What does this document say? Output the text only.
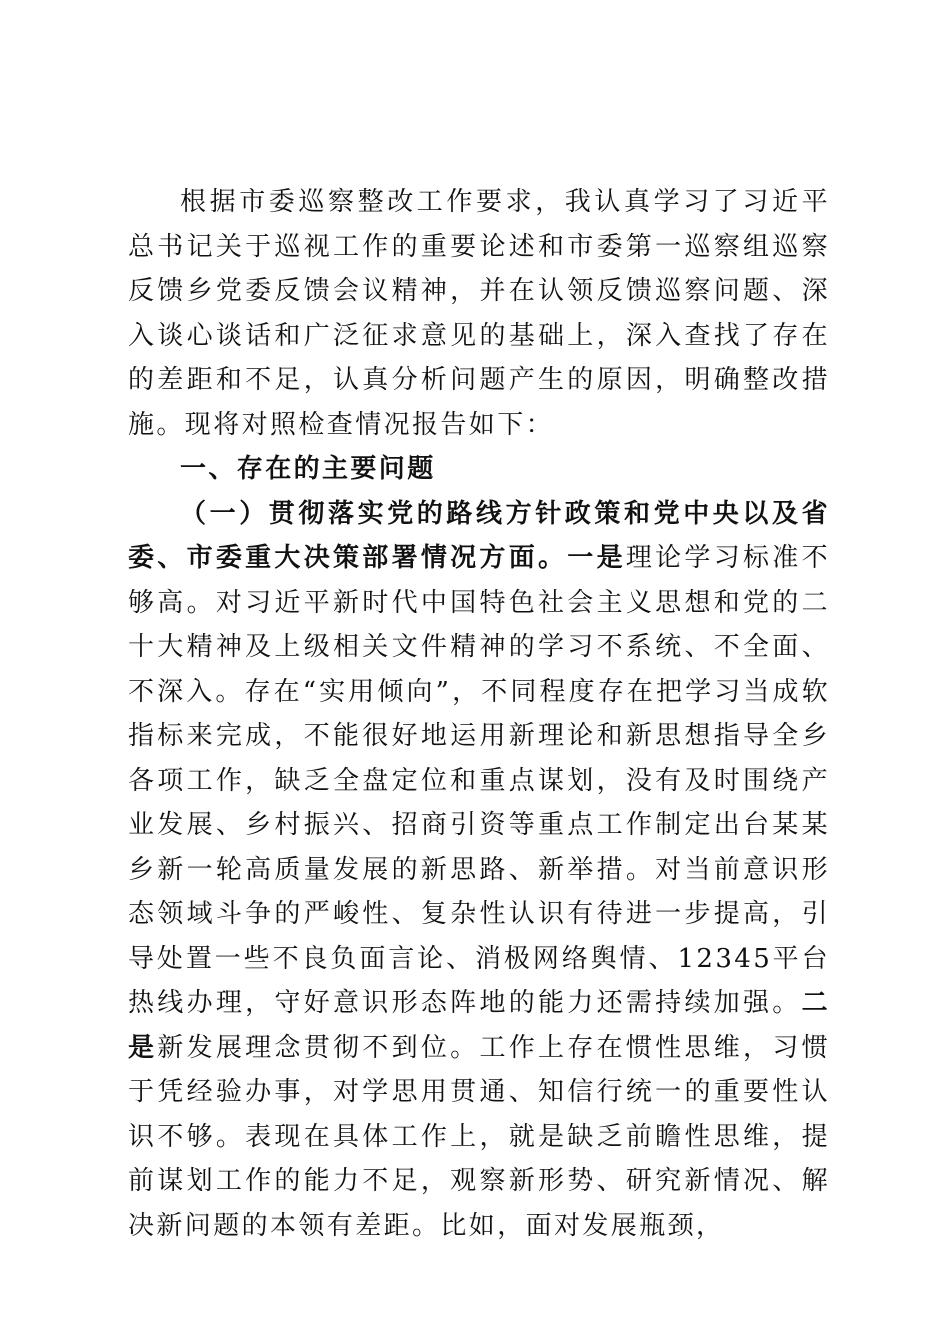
根据市委巡察整改工作要求，我认真学习了习近平总书记关于巡视工作的重要论述和市委第一巡察组巡察反馈乡党委反馈会议精神，并在认领反馈巡察问题、深入谈心谈话和广泛征求意见的基础上，深入查找了存在的差距和不足，认真分析问题产生的原因，明确整改措施。现将对照检查情况报告如下：

一、存在的主要问题

（一）贯彻落实党的路线方针政策和党中央以及省委、市委重大决策部署情况方面。一是理论学习标准不够高。对习近平新时代中国特色社会主义思想和党的二十大精神及上级相关文件精神的学习不系统、不全面、不深入。存在“实用倾向”，不同程度存在把学习当成软指标来完成，不能很好地运用新理论和新思想指导全乡各项工作，缺乏全盘定位和重点谋划，没有及时围绕产业发展、乡村振兴、招商引资等重点工作制定出台某某乡新一轮高质量发展的新思路、新举措。对当前意识形态领域斗争的严峻性、复杂性认识有待进一步提高，引导处置一些不良负面言论、消极网络舆情、12345平台热线办理，守好意识形态阵地的能力还需持续加强。二是新发展理念贯彻不到位。工作上存在惯性思维，习惯于凭经验办事，对学思用贯通、知信行统一的重要性认识不够。表现在具体工作上，就是缺乏前瞻性思维，提前谋划工作的能力不足，观察新形势、研究新情况、解决新问题的本领有差距。比如，面对发展瓶颈，
